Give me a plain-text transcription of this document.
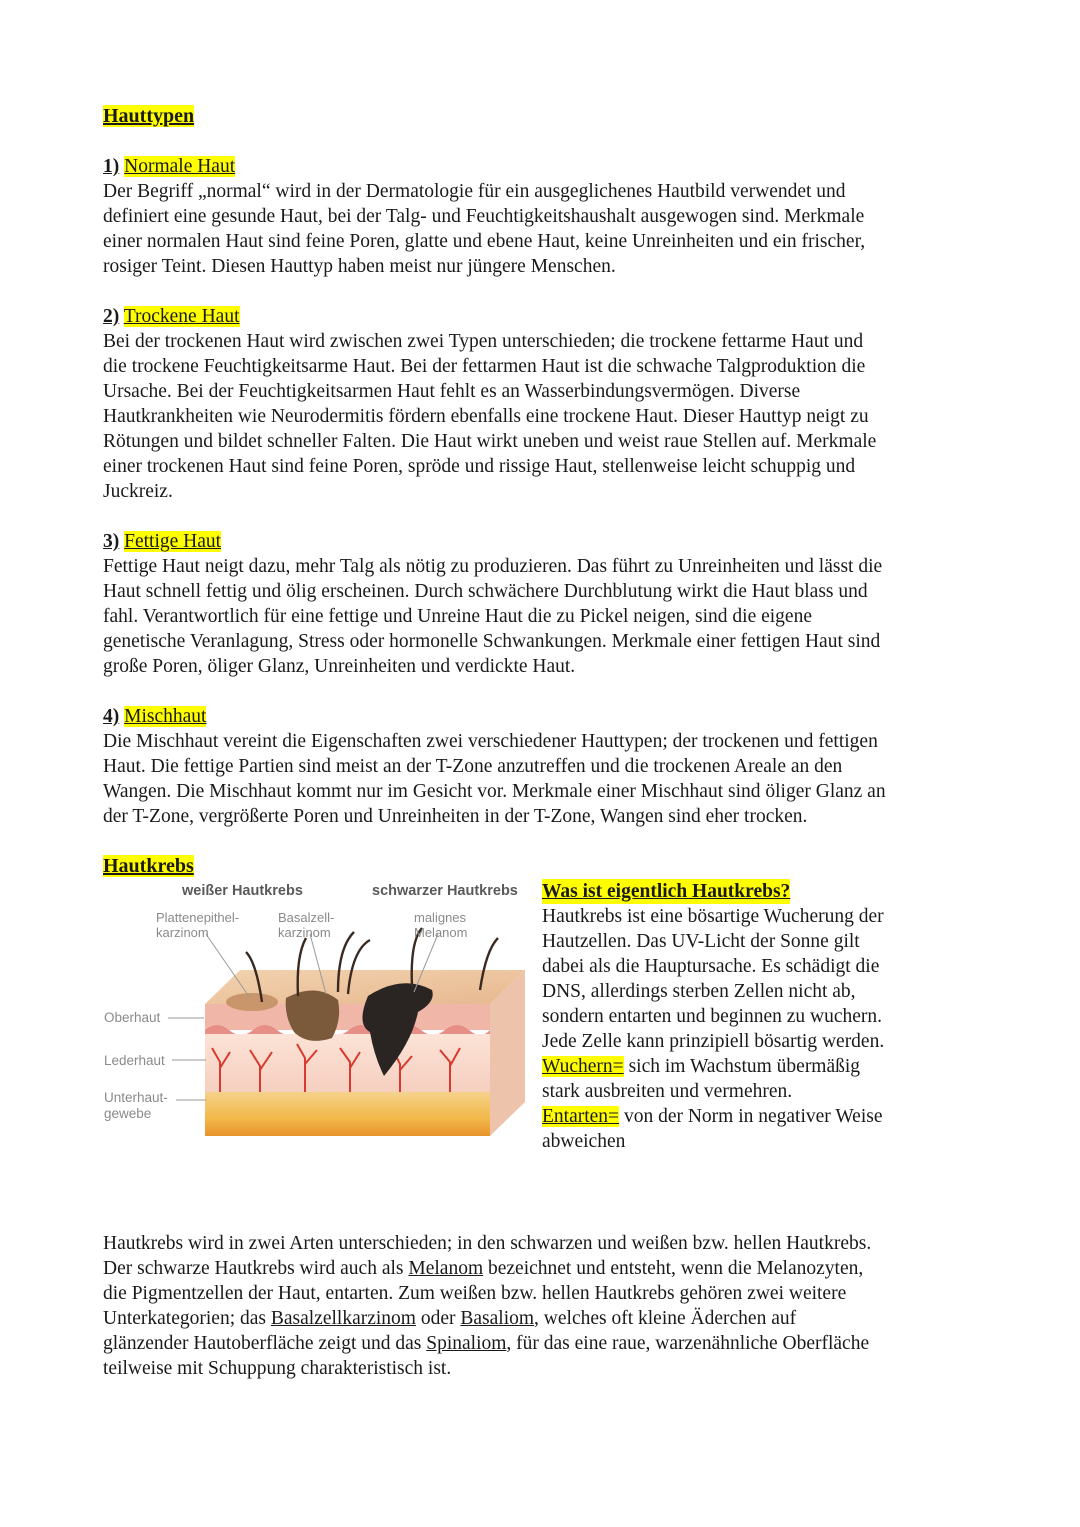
Hauttypen
1) Normale Haut
Der Begriff „normal“ wird in der Dermatologie für ein ausgeglichenes Hautbild verwendet und
definiert eine gesunde Haut, bei der Talg- und Feuchtigkeitshaushalt ausgewogen sind. Merkmale
einer normalen Haut sind feine Poren, glatte und ebene Haut, keine Unreinheiten und ein frischer,
rosiger Teint. Diesen Hauttyp haben meist nur jüngere Menschen.
2) Trockene Haut
Bei der trockenen Haut wird zwischen zwei Typen unterschieden; die trockene fettarme Haut und
die trockene Feuchtigkeitsarme Haut. Bei der fettarmen Haut ist die schwache Talgproduktion die
Ursache. Bei der Feuchtigkeitsarmen Haut fehlt es an Wasserbindungsvermögen. Diverse
Hautkrankheiten wie Neurodermitis fördern ebenfalls eine trockene Haut. Dieser Hauttyp neigt zu
Rötungen und bildet schneller Falten. Die Haut wirkt uneben und weist raue Stellen auf. Merkmale
einer trockenen Haut sind feine Poren, spröde und rissige Haut, stellenweise leicht schuppig und
Juckreiz.
3) Fettige Haut
Fettige Haut neigt dazu, mehr Talg als nötig zu produzieren. Das führt zu Unreinheiten und lässt die
Haut schnell fettig und ölig erscheinen. Durch schwächere Durchblutung wirkt die Haut blass und
fahl. Verantwortlich für eine fettige und Unreine Haut die zu Pickel neigen, sind die eigene
genetische Veranlagung, Stress oder hormonelle Schwankungen. Merkmale einer fettigen Haut sind
große Poren, öliger Glanz, Unreinheiten und verdickte Haut.
4) Mischhaut
Die Mischhaut vereint die Eigenschaften zwei verschiedener Hauttypen; der trockenen und fettigen
Haut. Die fettige Partien sind meist an der T-Zone anzutreffen und die trockenen Areale an den
Wangen. Die Mischhaut kommt nur im Gesicht vor. Merkmale einer Mischhaut sind öliger Glanz an
der T-Zone, vergrößerte Poren und Unreinheiten in der T-Zone, Wangen sind eher trocken.
Hautkrebs
weißer Hautkrebs	schwarzer Hautkrebs
Plattenepithel-
karzinom
Basalzell-
karzinom
malignes
Melanom
Oberhaut
Lederhaut
Unterhaut-
gewebe
Was ist eigentlich Hautkrebs?
Hautkrebs ist eine bösartige Wucherung der
Hautzellen. Das UV-Licht der Sonne gilt
dabei als die Hauptursache. Es schädigt die
DNS, allerdings sterben Zellen nicht ab,
sondern entarten und beginnen zu wuchern.
Jede Zelle kann prinzipiell bösartig werden.
Wuchern= sich im Wachstum übermäßig
stark ausbreiten und vermehren.
Entarten= von der Norm in negativer Weise
abweichen
Hautkrebs wird in zwei Arten unterschieden; in den schwarzen und weißen bzw. hellen Hautkrebs.
Der schwarze Hautkrebs wird auch als Melanom bezeichnet und entsteht, wenn die Melanozyten,
die Pigmentzellen der Haut, entarten. Zum weißen bzw. hellen Hautkrebs gehören zwei weitere
Unterkategorien; das Basalzellkarzinom oder Basaliom, welches oft kleine Äderchen auf
glänzender Hautoberfläche zeigt und das Spinaliom, für das eine raue, warzenähnliche Oberfläche
teilweise mit Schuppung charakteristisch ist.
